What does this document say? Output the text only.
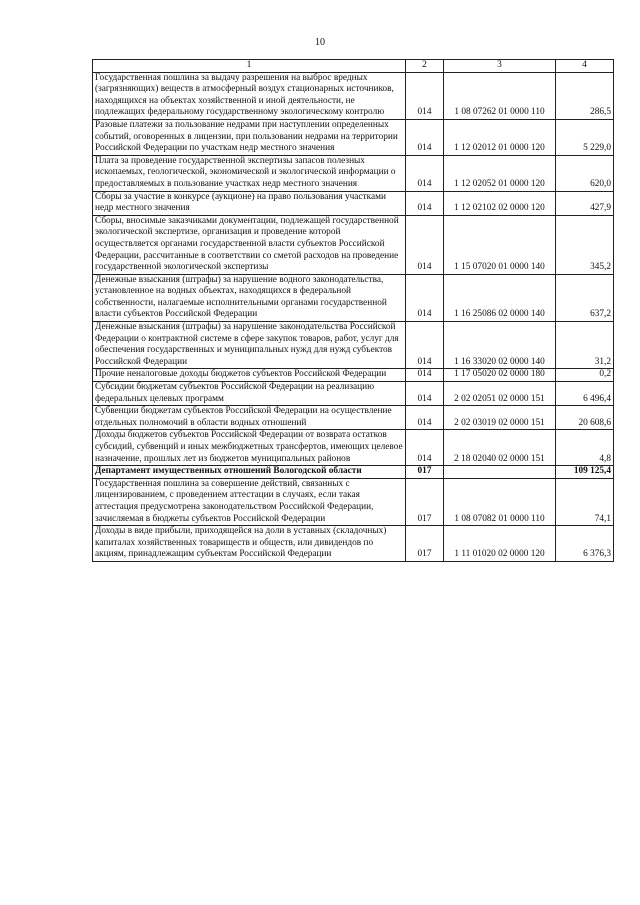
10
1	2	3	4
Государственная пошлина за выдачу разрешения на выброс вредных (загрязняющих) веществ в атмосферный воздух стационарных источников, находящихся на объектах хозяйственной и иной деятельности, не подлежащих федеральному государственному экологическому контролю	014	1 08 07262 01 0000 110	286,5
Разовые платежи за пользование недрами при наступлении определенных событий, оговоренных в лицензии, при пользовании недрами на территории Российской Федерации по участкам недр местного значения	014	1 12 02012 01 0000 120	5 229,0
Плата за проведение государственной экспертизы запасов полезных ископаемых, геологической, экономической и экологической информации о предоставляемых в пользование участках недр местного значения	014	1 12 02052 01 0000 120	620,0
Сборы за участие в конкурсе (аукционе) на право пользования участками недр местного значения	014	1 12 02102 02 0000 120	427,9
Сборы, вносимые заказчиками документации, подлежащей государственной экологической экспертизе, организация и проведение которой осуществляется органами государственной власти субъектов Российской Федерации, рассчитанные в соответствии со сметой расходов на проведение государственной экологической экспертизы	014	1 15 07020 01 0000 140	345,2
Денежные взыскания (штрафы) за нарушение водного законодательства, установленное на водных объектах, находящихся в федеральной собственности, налагаемые исполнительными органами государственной власти субъектов Российской Федерации	014	1 16 25086 02 0000 140	637,2
Денежные взыскания (штрафы) за нарушение законодательства Российской Федерации о контрактной системе в сфере закупок товаров, работ, услуг для обеспечения государственных и муниципальных нужд для нужд субъектов Российской Федерации	014	1 16 33020 02 0000 140	31,2
Прочие неналоговые доходы бюджетов субъектов Российской Федерации	014	1 17 05020 02 0000 180	0,2
Субсидии бюджетам субъектов Российской Федерации на реализацию федеральных целевых программ	014	2 02 02051 02 0000 151	6 496,4
Субвенции бюджетам субъектов Российской Федерации на осуществление отдельных полномочий в области водных отношений	014	2 02 03019 02 0000 151	20 608,6
Доходы бюджетов субъектов Российской Федерации от возврата остатков субсидий, субвенций и иных межбюджетных трансфертов, имеющих целевое назначение, прошлых лет из бюджетов муниципальных районов	014	2 18 02040 02 0000 151	4,8
Департамент имущественных отношений Вологодской области	017		109 125,4
Государственная пошлина за совершение действий, связанных с лицензированием, с проведением аттестации в случаях, если такая аттестация предусмотрена законодательством Российской Федерации, зачисляемая в бюджеты субъектов Российской Федерации	017	1 08 07082 01 0000 110	74,1
Доходы в виде прибыли, приходящейся на доли в уставных (складочных) капиталах хозяйственных товариществ и обществ, или дивидендов по акциям, принадлежащим субъектам Российской Федерации	017	1 11 01020 02 0000 120	6 376,3
